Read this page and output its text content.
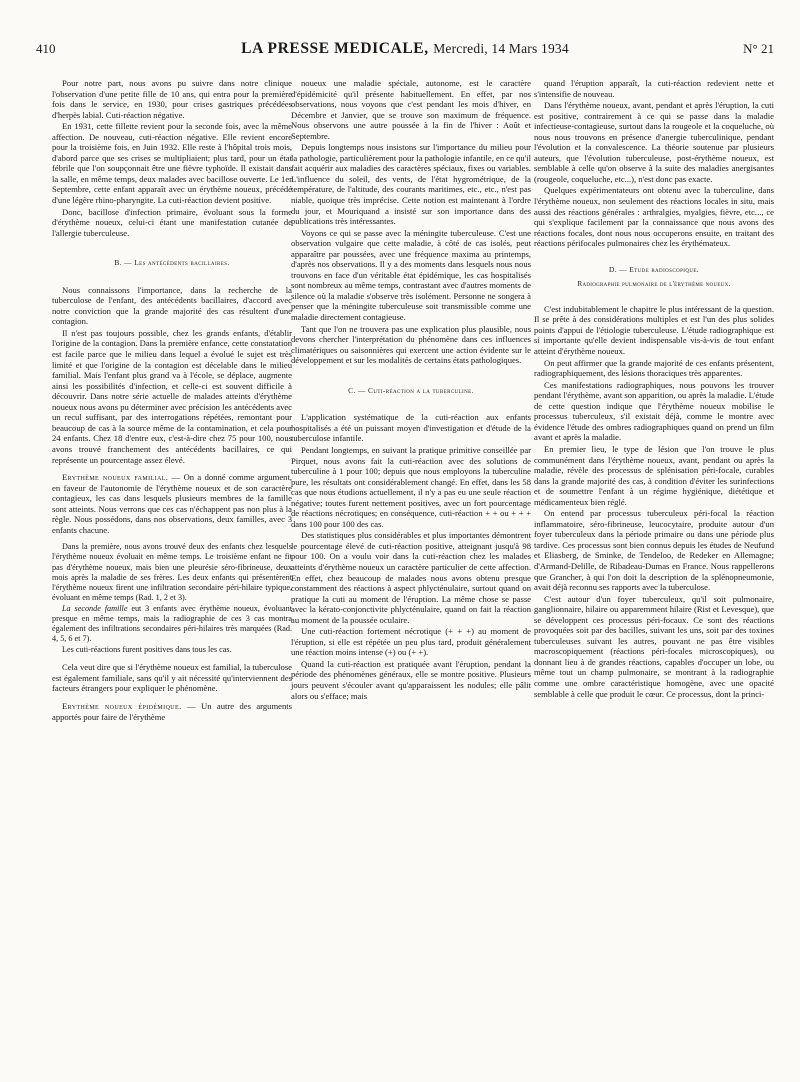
410	LA PRESSE MEDICALE, Mercredi, 14 Mars 1934	N° 21

Pour notre part, nous avons pu suivre dans notre clinique l'observation d'une petite fille de 10 ans, qui entra pour la première fois dans le service, en 1930, pour crises gastriques précédées d'herpès labial. Cuti-réaction négative.

En 1931, cette fillette revient pour la seconde fois, avec la même affection. De nouveau, cuti-réaction négative. Elle revient encore pour la troisième fois, en Juin 1932. Elle reste à l'hôpital trois mois, d'abord parce que ses crises se multipliaient; plus tard, pour un état fébrile que l'on soupçonnait être une fièvre typhoïde. Il existait dans la salle, en même temps, deux malades avec bacillose ouverte. Le 1er Septembre, cette enfant apparaît avec un érythème noueux, précédé d'une légère rhino-pharyngite. La cuti-réaction devient positive.

Donc, bacillose d'infection primaire, évoluant sous la forme d'érythème noueux, celui-ci étant une manifestation cutanée de l'allergie tuberculeuse.

B. — Les antécédents bacillaires.

Nous connaissons l'importance, dans la recherche de la tuberculose de l'enfant, des antécédents bacillaires, d'accord avec notre conviction que la grande majorité des cas résultent d'une contagion.

Il n'est pas toujours possible, chez les grands enfants, d'établir l'origine de la contagion. Dans la première enfance, cette constatation est facile parce que le milieu dans lequel a évolué le sujet est très limité et que l'origine de la contagion est décelable dans le milieu familial. Mais l'enfant plus grand va à l'école, se déplace, augmente ainsi les possibilités d'infection, et celle-ci est souvent difficile à découvrir. Dans notre série actuelle de malades atteints d'érythème noueux nous avons pu déterminer avec précision les antécédents avec un recul suffisant, par des interrogations répétées, remontant pour beaucoup de cas à la source même de la contamination, et cela pour 24 enfants. Chez 18 d'entre eux, c'est-à-dire chez 75 pour 100, nous avons trouvé franchement des antécédents bacillaires, ce qui représente un pourcentage assez élevé.

Erythème noueux familial. — On a donné comme argument, en faveur de l'autonomie de l'érythème noueux et de son caractère contagieux, les cas dans lesquels plusieurs membres de la famille sont atteints. Nous verrons que ces cas n'échappent pas non plus à la règle. Nous possédons, dans nos observations, deux familles, avec 3 enfants chacune.

Dans la première, nous avons trouvé deux des enfants chez lesquels l'érythème noueux évoluait en même temps. Le troisième enfant ne fit pas d'érythème noueux, mais bien une pleurésie séro-fibrineuse, deux mois après la maladie de ses frères. Les deux enfants qui présentèrent l'érythème noueux firent une infiltration secondaire péri-hilaire typique, évoluant en même temps (Rad. 1, 2 et 3).

La seconde famille eut 3 enfants avec érythème noueux, évoluant presque en même temps, mais la radiographie de ces 3 cas montra également des infiltrations secondaires péri-hilaires très marquées (Rad. 4, 5, 6 et 7).

Les cuti-réactions furent positives dans tous les cas.

Cela veut dire que si l'érythème noueux est familial, la tuberculose est également familiale, sans qu'il y ait nécessité qu'interviennent des facteurs étrangers pour expliquer le phénomène.

Erythème noueux épidémique. — Un autre des arguments apportés pour faire de l'érythème

noueux une maladie spéciale, autonome, est le caractère d'épidémicité qu'il présente habituellement. En effet, par nos observations, nous voyons que c'est pendant les mois d'hiver, en Décembre et Janvier, que se trouve son maximum de fréquence. Nous observons une autre poussée à la fin de l'hiver : Août et Septembre.

Depuis longtemps nous insistons sur l'importance du milieu pour la pathologie, particulièrement pour la pathologie infantile, en ce qu'il fait acquérir aux maladies des caractères spéciaux, fixes ou variables. L'influence du soleil, des vents, de l'état hygrométrique, de la température, de l'altitude, des courants maritimes, etc., etc., n'est pas niable, quoique très imprécise. Cette notion est maintenant à l'ordre du jour, et Mouriquand a insisté sur son importance dans des publications très intéressantes.

Voyons ce qui se passe avec la méningite tuberculeuse. C'est une observation vulgaire que cette maladie, à côté de cas isolés, peut apparaître par poussées, avec une fréquence maxima au printemps, d'après nos observations. Il y a des moments dans lesquels nous nous trouvons en face d'un véritable état épidémique, les cas hospitalisés sont nombreux au même temps, contrastant avec d'autres moments de silence où la maladie s'observe très isolément. Personne ne songera à penser que la méningite tuberculeuse soit transmissible comme une maladie directement contagieuse.

Tant que l'on ne trouvera pas une explication plus plausible, nous devons chercher l'interprétation du phénomène dans ces influences climatériques ou saisonnières qui exercent une action évidente sur le développement et sur les modalités de certains états pathologiques.

C. — Cuti-réaction a la tuberculine.

L'application systématique de la cuti-réaction aux enfants hospitalisés a été un puissant moyen d'investigation et d'étude de la tuberculose infantile.

Pendant longtemps, en suivant la pratique primitive conseillée par Pirquet, nous avons fait la cuti-réaction avec des solutions de tuberculine à 1 pour 100; depuis que nous employons la tuberculine pure, les résultats ont considérablement changé. En effet, dans les 58 cas que nous étudions actuellement, il n'y a pas eu une seule réaction négative; toutes furent nettement positives, avec un fort pourcentage de réactions nécrotiques; en conséquence, cuti-réaction + + ou + + + dans 100 pour 100 des cas.

Des statistiques plus considérables et plus importantes démontrent le pourcentage élevé de cuti-réaction positive, atteignant jusqu'à 98 pour 100. On a voulu voir dans la cuti-réaction chez les malades atteints d'érythème noueux un caractère particulier de cette affection. En effet, chez beaucoup de malades nous avons obtenu presque constamment des réactions à aspect phlycténulaire, surtout quand on pratique la cuti au moment de l'éruption. La même chose se passe avec la kérato-conjonctivite phlycténulaire, quand on fait la réaction au moment de la poussée oculaire.

Une cuti-réaction fortement nécrotique (+ + +) au moment de l'éruption, si elle est répétée un peu plus tard, produit généralement une réaction moins intense (+) ou (+ +).

Quand la cuti-réaction est pratiquée avant l'éruption, pendant la période des phénomènes généraux, elle se montre positive. Plusieurs jours peuvent s'écouler avant qu'apparaissent les nodules; elle pâlit alors ou s'efface; mais

quand l'éruption apparaît, la cuti-réaction redevient nette et s'intensifie de nouveau.

Dans l'érythème noueux, avant, pendant et après l'éruption, la cuti est positive, contrairement à ce qui se passe dans la maladie infectieuse-contagieuse, surtout dans la rougeole et la coqueluche, où nous nous trouvons en présence d'anergie tuberculinique, pendant l'évolution et la convalescence. La théorie soutenue par plusieurs auteurs, que l'évolution tuberculeuse, post-érythème noueux, est semblable à celle qu'on observe à la suite des maladies anergisantes (rougeole, coqueluche, etc...), n'est donc pas exacte.

Quelques expérimentateurs ont obtenu avec la tuberculine, dans l'érythème noueux, non seulement des réactions locales in situ, mais aussi des réactions générales : arthralgies, myalgies, fièvre, etc..., ce qui s'explique facilement par la connaissance que nous avons des réactions focales, dont nous nous occuperons ensuite, en traitant des réactions périfocales pulmonaires chez les érythémateux.

D. — Etude radioscopique.
Radiographie pulmonaire de l'érythème noueux.

C'est indubitablement le chapitre le plus intéressant de la question. Il se prête à des considérations multiples et est l'un des plus solides points d'appui de l'étiologie tuberculeuse. L'étude radiographique est si importante qu'elle devient indispensable vis-à-vis de tout enfant atteint d'érythème noueux.

On peut affirmer que la grande majorité de ces enfants présentent, radiographiquement, des lésions thoraciques très apparentes.

Ces manifestations radiographiques, nous pouvons les trouver pendant l'érythème, avant son apparition, ou après la maladie. L'étude de cette question indique que l'érythème noueux mobilise le processus tuberculeux, s'il existait déjà, comme le montre avec évidence l'étude des ombres radiographiques quand on prend un film avant et après la maladie.

En premier lieu, le type de lésion que l'on trouve le plus communément dans l'érythème noueux, avant, pendant ou après la maladie, révèle des processus de splénisation péri-focale, curables dans la grande majorité des cas, à condition d'éviter les surinfections et de soumettre l'enfant à un régime hygiénique, diététique et médicamenteux bien réglé.

On entend par processus tuberculeux péri-focal la réaction inflammatoire, séro-fibrineuse, leucocytaire, produite autour d'un foyer tuberculeux dans la période primaire ou dans une période plus tardive. Ces processus sont bien connus depuis les études de Neufund et Eliasberg, de Sminke, de Tendeloo, de Redeker en Allemagne; d'Armand-Delille, de Ribadeau-Dumas en France. Nous rappellerons que Grancher, à qui l'on doit la description de la splénopneumonie, avait déjà reconnu ses rapports avec la tuberculose.

C'est autour d'un foyer tuberculeux, qu'il soit pulmonaire, ganglionnaire, hilaire ou apparemment hilaire (Rist et Levesque), que se développent ces processus péri-focaux. Ce sont des réactions provoquées soit par des bacilles, suivant les uns, soit par des toxines tuberculeuses suivant les autres, pouvant ne pas être visibles macroscopiquement (réactions péri-focales microscopiques), ou donnant lieu à de grandes réactions, capables d'occuper un lobe, ou même tout un champ pulmonaire, se montrant à la radiographie comme une ombre caractéristique homogène, avec une opacité semblable à celle que produit le cœur. Ce processus, dont la princi-
